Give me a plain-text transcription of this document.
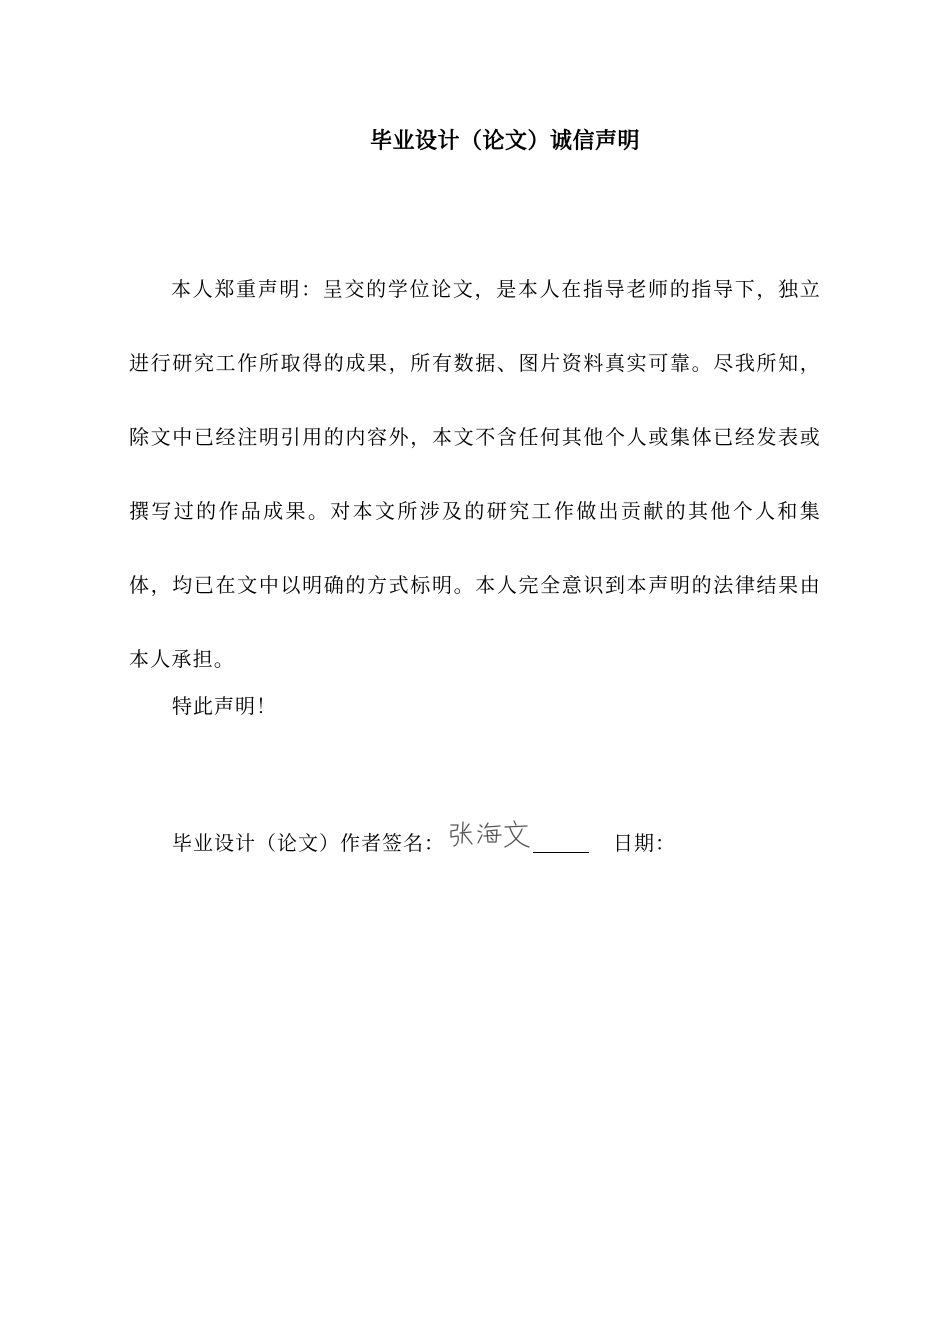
毕业设计（论文）诚信声明

本人郑重声明：呈交的学位论文，是本人在指导老师的指导下，独立进行研究工作所取得的成果，所有数据、图片资料真实可靠。尽我所知，除文中已经注明引用的内容外，本文不含任何其他个人或集体已经发表或撰写过的作品成果。对本文所涉及的研究工作做出贡献的其他个人和集体，均已在文中以明确的方式标明。本人完全意识到本声明的法律结果由本人承担。

特此声明！
毕业设计（论文）作者签名：	日期：
